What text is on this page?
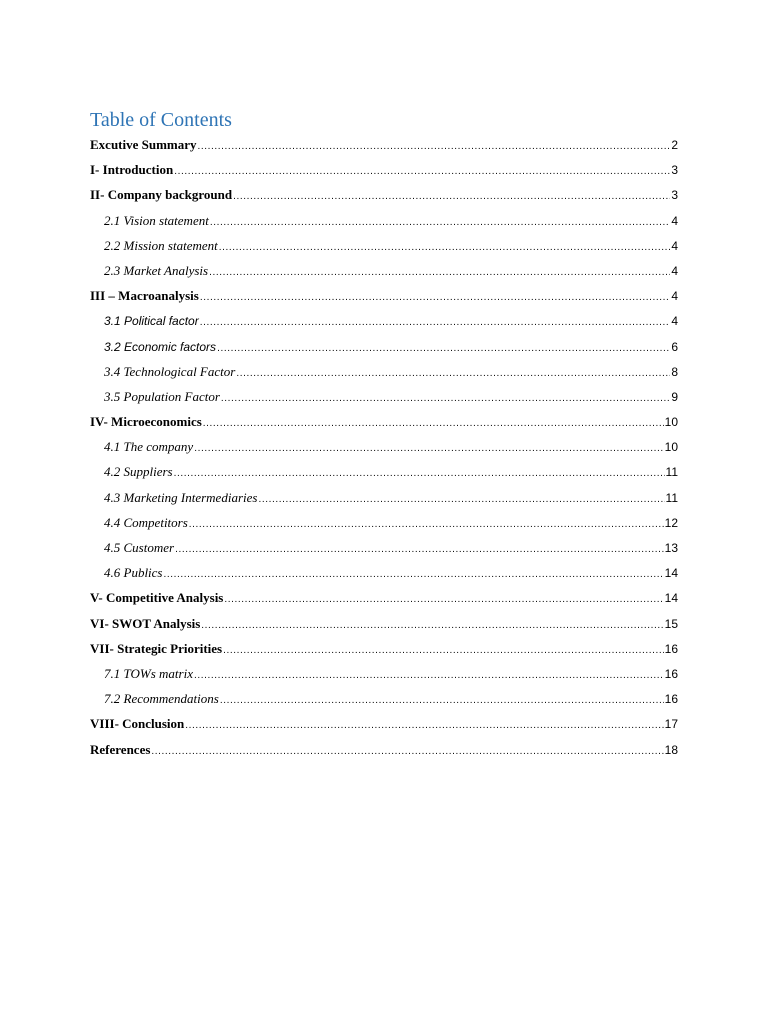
Table of Contents
Excutive Summary .....	2
I- Introduction .....	3
II- Company background .....	3
2.1 Vision statement .....	4
2.2 Mission statement .....	4
2.3 Market Analysis .....	4
III – Macroanalysis .....	4
3.1 Political factor .....	4
3.2 Economic factors .....	6
3.4 Technological Factor .....	8
3.5 Population Factor .....	9
IV- Microeconomics .....	10
4.1 The company .....	10
4.2 Suppliers .....	11
4.3 Marketing Intermediaries .....	11
4.4 Competitors .....	12
4.5 Customer .....	13
4.6 Publics .....	14
V- Competitive Analysis .....	14
VI- SWOT Analysis .....	15
VII- Strategic Priorities .....	16
7.1 TOWs matrix .....	16
7.2 Recommendations .....	16
VIII- Conclusion .....	17
References .....	18
